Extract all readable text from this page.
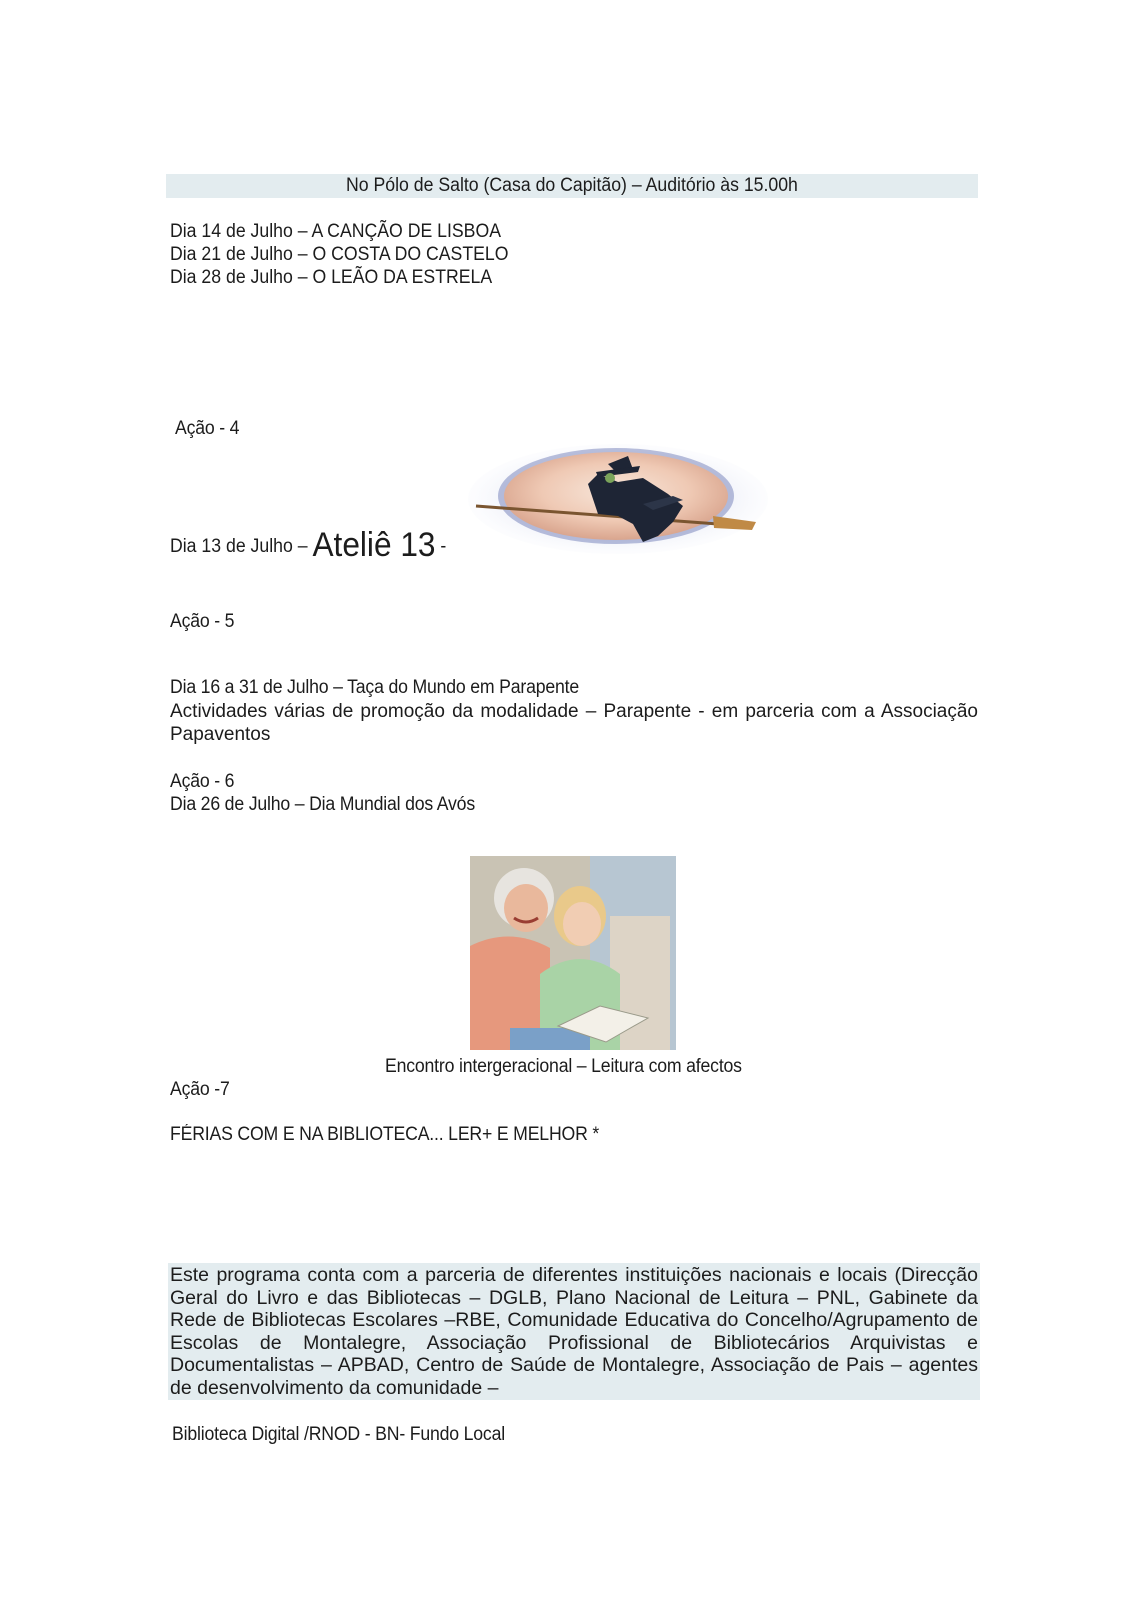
No Pólo de Salto (Casa do Capitão) – Auditório às 15.00h
Dia 14 de Julho – A CANÇÃO DE LISBOA
Dia 21 de Julho – O COSTA DO CASTELO
Dia 28 de Julho – O LEÃO DA ESTRELA
Ação - 4
Dia 13 de Julho – Ateliê 13 -
Ação - 5
Dia 16 a 31 de Julho – Taça do Mundo em Parapente
Actividades várias de promoção da modalidade – Parapente - em parceria com a Associação Papaventos
Ação - 6
Dia 26 de Julho – Dia Mundial dos Avós
Encontro intergeracional – Leitura com afectos
Ação -7
FÉRIAS COM E NA BIBLIOTECA... LER+ E MELHOR *
Este programa conta com a parceria de diferentes instituições nacionais e locais (Direcção Geral do Livro e das Bibliotecas – DGLB, Plano Nacional de Leitura – PNL, Gabinete da Rede de Bibliotecas Escolares –RBE, Comunidade Educativa do Concelho/Agrupamento de Escolas de Montalegre, Associação Profissional de Bibliotecários Arquivistas e Documentalistas – APBAD, Centro de Saúde de Montalegre, Associação de Pais – agentes de desenvolvimento da comunidade –
Biblioteca Digital /RNOD - BN- Fundo Local
